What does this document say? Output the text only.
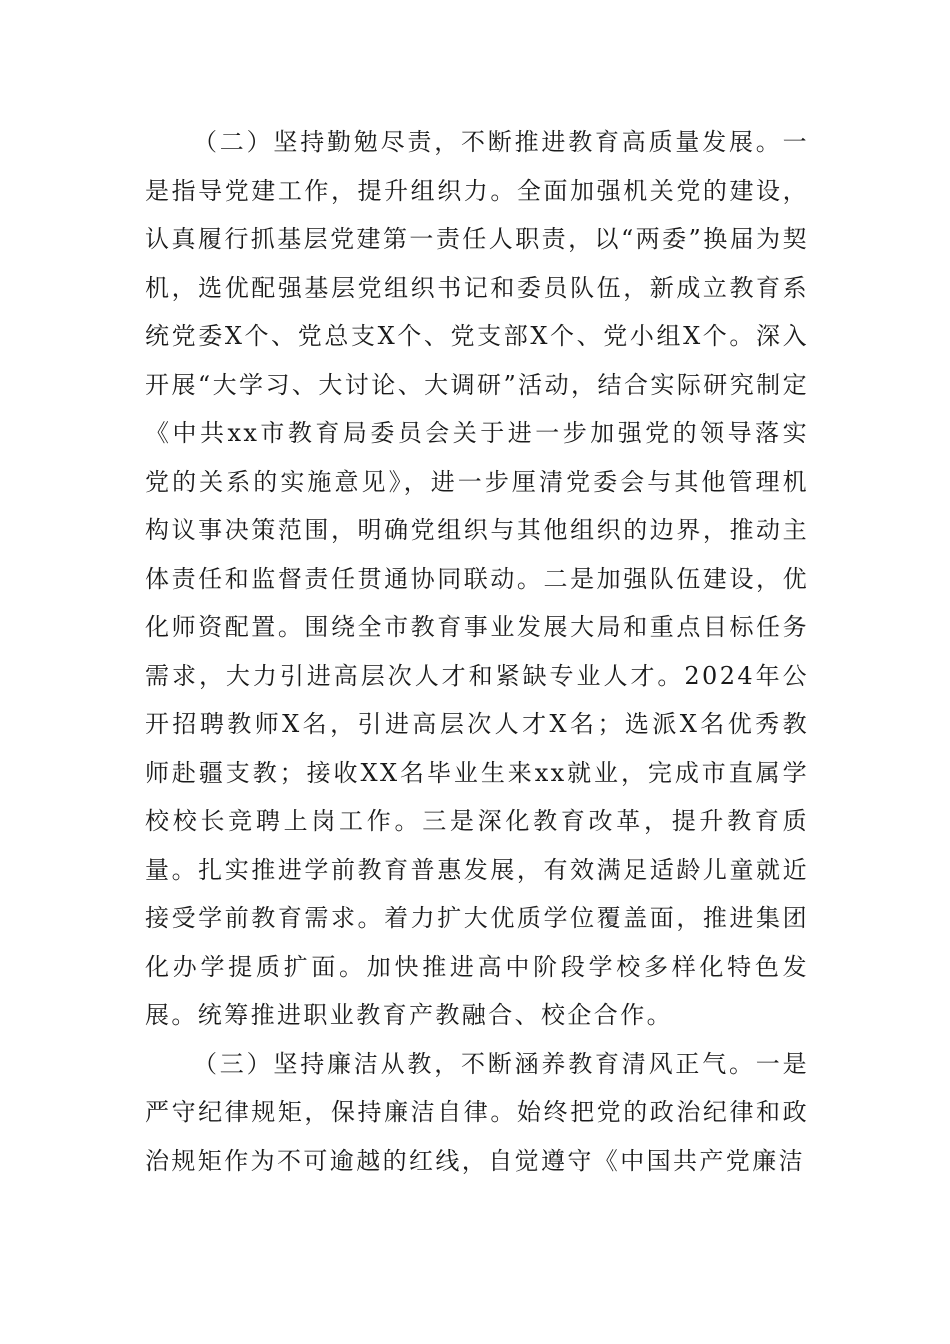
（二）坚持勤勉尽责，不断推进教育高质量发展。一是指导党建工作，提升组织力。全面加强机关党的建设，认真履行抓基层党建第一责任人职责，以“两委”换届为契机，选优配强基层党组织书记和委员队伍，新成立教育系统党委X个、党总支X个、党支部X个、党小组X个。深入开展“大学习、大讨论、大调研”活动，结合实际研究制定《中共xx市教育局委员会关于进一步加强党的领导落实党的关系的实施意见》，进一步厘清党委会与其他管理机构议事决策范围，明确党组织与其他组织的边界，推动主体责任和监督责任贯通协同联动。二是加强队伍建设，优化师资配置。围绕全市教育事业发展大局和重点目标任务需求，大力引进高层次人才和紧缺专业人才。2024年公开招聘教师X名，引进高层次人才X名；选派X名优秀教师赴疆支教；接收XX名毕业生来xx就业，完成市直属学校校长竞聘上岗工作。三是深化教育改革，提升教育质量。扎实推进学前教育普惠发展，有效满足适龄儿童就近接受学前教育需求。着力扩大优质学位覆盖面，推进集团化办学提质扩面。加快推进高中阶段学校多样化特色发展。统筹推进职业教育产教融合、校企合作。

（三）坚持廉洁从教，不断涵养教育清风正气。一是严守纪律规矩，保持廉洁自律。始终把党的政治纪律和政治规矩作为不可逾越的红线，自觉遵守《中国共产党廉洁
